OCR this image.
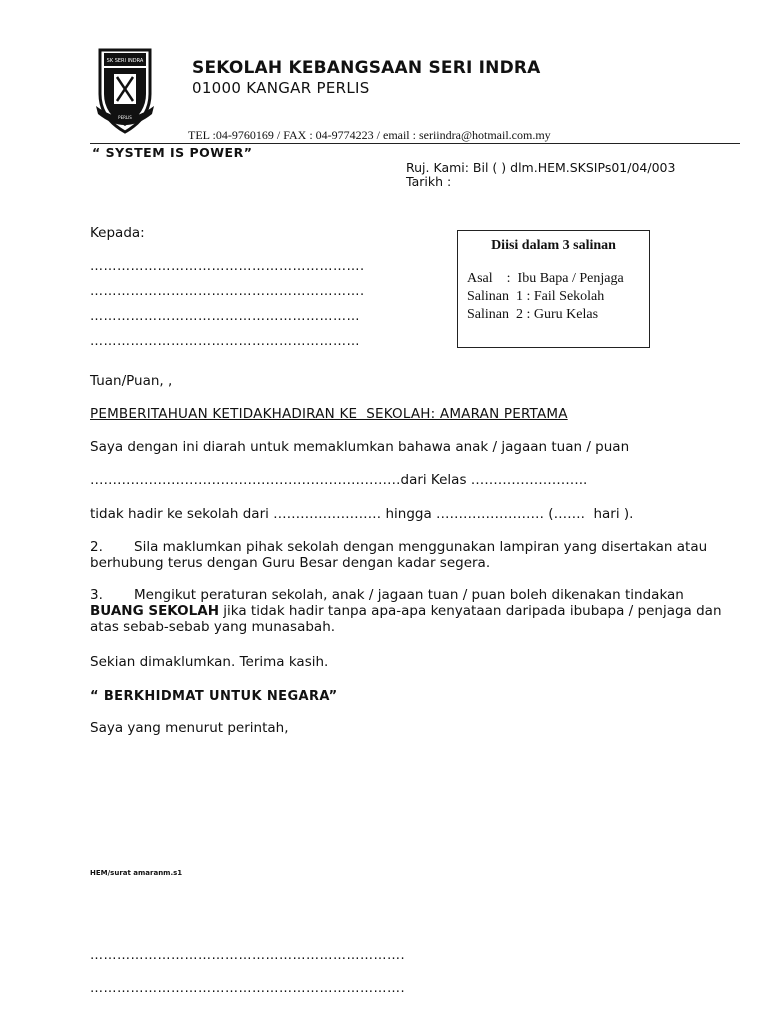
SK SERI INDRA
PERLIS
SEKOLAH KEBANGSAAN SERI INDRA
01000 KANGAR PERLIS
TEL :04-9760169 / FAX : 04-9774223 / email : seriindra@hotmail.com.my
“ SYSTEM IS POWER”
Ruj. Kami: Bil ( ) dlm.HEM.SKSIPs01/04/003
Tarikh :
Kepada:
…………………………………………………….
…………………………………………………….
……………………………………………………
……………………………………………………
Diisi dalam 3 salinan
Asal    :  Ibu Bapa / Penjaga
Salinan  1 : Fail Sekolah
Salinan  2 : Guru Kelas
Tuan/Puan, ,
PEMBERITAHUAN KETIDAKHADIRAN KE  SEKOLAH: AMARAN PERTAMA
Saya dengan ini diarah untuk memaklumkan bahawa anak / jagaan tuan / puan
……………………………………………………………dari Kelas ……………………..
tidak hadir ke sekolah dari …………………… hingga …………………… (…….  hari ).
2. Sila maklumkan pihak sekolah dengan menggunakan lampiran yang disertakan atau berhubung terus dengan Guru Besar dengan kadar segera.
3. Mengikut peraturan sekolah, anak / jagaan tuan / puan boleh dikenakan tindakan BUANG SEKOLAH jika tidak hadir tanpa apa-apa kenyataan daripada ibubapa / penjaga dan atas sebab-sebab yang munasabah.
Sekian dimaklumkan. Terima kasih.
“ BERKHIDMAT UNTUK NEGARA”
Saya yang menurut perintah,
HEM/surat amaranm.s1
…………………………………………………………….
…………………………………………………………….
